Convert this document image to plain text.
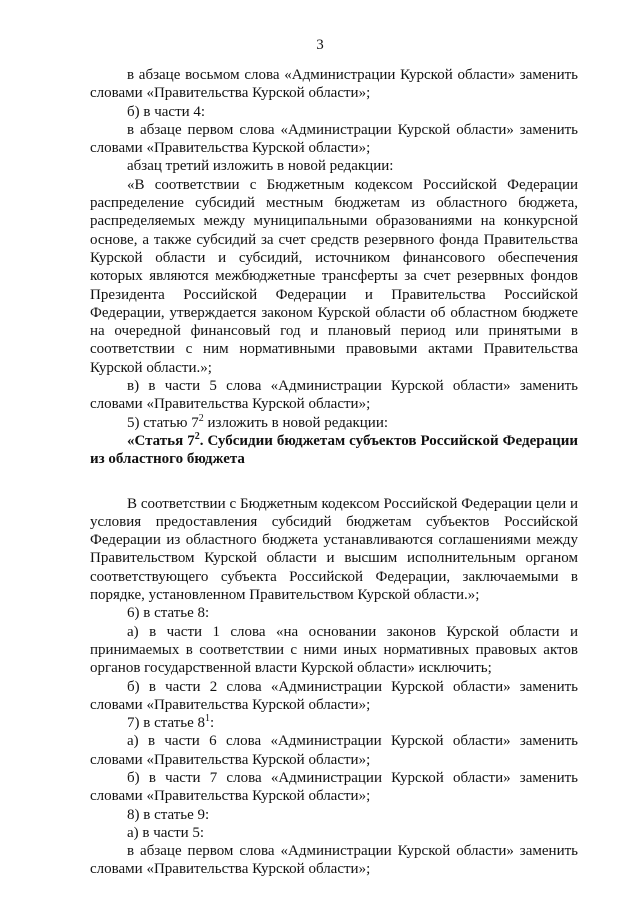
3

в абзаце восьмом слова «Администрации Курской области» заменить словами «Правительства Курской области»;

б) в части 4:

в абзаце первом слова «Администрации Курской области» заменить словами «Правительства Курской области»;

абзац третий изложить в новой редакции:

«В соответствии с Бюджетным кодексом Российской Федерации распределение субсидий местным бюджетам из областного бюджета, распределяемых между муниципальными образованиями на конкурсной основе, а также субсидий за счет средств резервного фонда Правительства Курской области и субсидий, источником финансового обеспечения которых являются межбюджетные трансферты за счет резервных фондов Президента Российской Федерации и Правительства Российской Федерации, утверждается законом Курской области об областном бюджете на очередной финансовый год и плановый период или принятыми в соответствии с ним нормативными правовыми актами Правительства Курской области.»;

в) в части 5 слова «Администрации Курской области» заменить словами «Правительства Курской области»;

5) статью $7^2$ изложить в новой редакции:

«Статья $7^2$. Субсидии бюджетам субъектов Российской Федерации из областного бюджета

В соответствии с Бюджетным кодексом Российской Федерации цели и условия предоставления субсидий бюджетам субъектов Российской Федерации из областного бюджета устанавливаются соглашениями между Правительством Курской области и высшим исполнительным органом соответствующего субъекта Российской Федерации, заключаемыми в порядке, установленном Правительством Курской области.»;

6) в статье 8:

а) в части 1 слова «на основании законов Курской области и принимаемых в соответствии с ними иных нормативных правовых актов органов государственной власти Курской области» исключить;

б) в части 2 слова «Администрации Курской области» заменить словами «Правительства Курской области»;

7) в статье $8^1$:

а) в части 6 слова «Администрации Курской области» заменить словами «Правительства Курской области»;

б) в части 7 слова «Администрации Курской области» заменить словами «Правительства Курской области»;

8) в статье 9:

а) в части 5:

в абзаце первом слова «Администрации Курской области» заменить словами «Правительства Курской области»;
